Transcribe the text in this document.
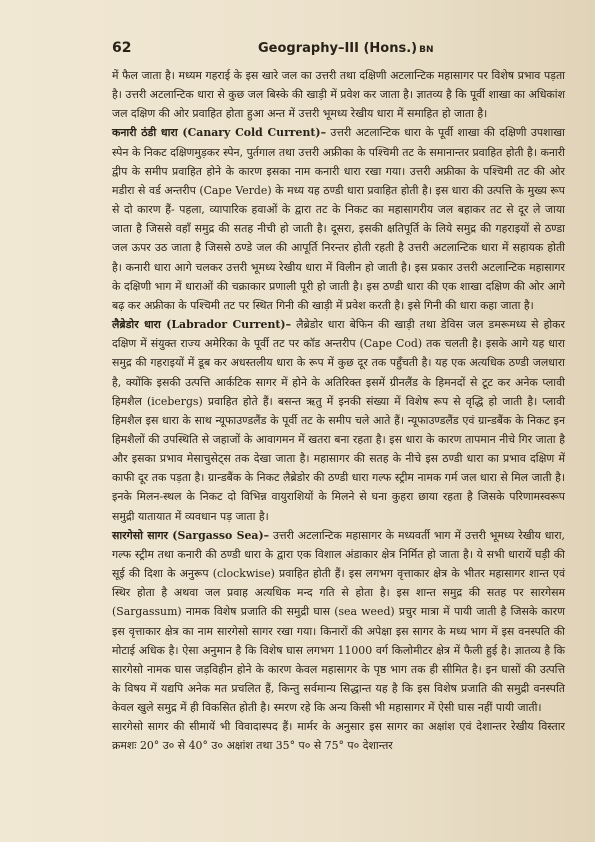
62	Geography–III (Hons.) BN

में फैल जाता है। मध्यम गहराई के इस खारे जल का उत्तरी तथा दक्षिणी अटलान्टिक महासागर पर विशेष प्रभाव पड़ता है। उत्तरी अटलान्टिक धारा से कुछ जल बिस्के की खाड़ी में प्रवेश कर जाता है। ज्ञातव्य है कि पूर्वी शाखा का अधिकांश जल दक्षिण की ओर प्रवाहित होता हुआ अन्त में उत्तरी भूमध्य रेखीय धारा में समाहित हो जाता है।

कनारी ठंडी धारा (Canary Cold Current)– उत्तरी अटलान्टिक धारा के पूर्वी शाखा की दक्षिणी उपशाखा स्पेन के निकट दक्षिणमुड़कर स्पेन, पुर्तगाल तथा उत्तरी अफ्रीका के पश्चिमी तट के समानान्तर प्रवाहित होती है। कनारी द्वीप के समीप प्रवाहित होने के कारण इसका नाम कनारी धारा रखा गया। उत्तरी अफ्रीका के पश्चिमी तट की ओर मडीरा से वर्ड अन्तरीप (Cape Verde) के मध्य यह ठण्डी धारा प्रवाहित होती है। इस धारा की उत्पत्ति के मुख्य रूप से दो कारण हैं- पहला, व्यापारिक हवाओं के द्वारा तट के निकट का महासागरीय जल बहाकर तट से दूर ले जाया जाता है जिससे वहाँ समुद्र की सतह नीची हो जाती है। दूसरा, इसकी क्षतिपूर्ति के लिये समुद्र की गहराइयों से ठण्डा जल ऊपर उठ जाता है जिससे ठण्डे जल की आपूर्ति निरन्तर होती रहती है उत्तरी अटलान्टिक धारा में सहायक होती है। कनारी धारा आगे चलकर उत्तरी भूमध्य रेखीय धारा में विलीन हो जाती है। इस प्रकार उत्तरी अटलान्टिक महासागर के दक्षिणी भाग में धाराओं की चक्राकार प्रणाली पूरी हो जाती है। इस ठण्डी धारा की एक शाखा दक्षिण की ओर आगे बढ़ कर अफ्रीका के पश्चिमी तट पर स्थित गिनी की खाड़ी में प्रवेश करती है। इसे गिनी की धारा कहा जाता है।

लैब्रेडोर धारा (Labrador Current)– लैब्रेडोर धारा बेफिन की खाड़ी तथा डेविस जल डमरूमध्य से होकर दक्षिण में संयुक्त राज्य अमेरिका के पूर्वी तट पर कॉड अन्तरीप (Cape Cod) तक चलती है। इसके आगे यह धारा समुद्र की गहराइयों में डूब कर अधस्तलीय धारा के रूप में कुछ दूर तक पहुँचती है। यह एक अत्यधिक ठण्डी जलधारा है, क्योंकि इसकी उत्पत्ति आर्कटिक सागर में होने के अतिरिक्त इसमें ग्रीनलैंड के हिमनदों से टूट कर अनेक प्लावी हिमशैल (icebergs) प्रवाहित होते हैं। बसन्त ऋतु में इनकी संख्या में विशेष रूप से वृद्धि हो जाती है। प्लावी हिमशैल इस धारा के साथ न्यूफाउण्डलैंड के पूर्वी तट के समीप चले आते हैं। न्यूफाउण्डलैंड एवं ग्रान्डबैंक के निकट इन हिमशैलों की उपस्थिति से जहाजों के आवागमन में खतरा बना रहता है। इस धारा के कारण तापमान नीचे गिर जाता है और इसका प्रभाव मेसाचुसेट्स तक देखा जाता है। महासागर की सतह के नीचे इस ठण्डी धारा का प्रभाव दक्षिण में काफी दूर तक पड़ता है। ग्रान्डबैंक के निकट लैब्रेडोर की ठण्डी धारा गल्फ स्ट्रीम नामक गर्म जल धारा से मिल जाती है। इनके मिलन-स्थल के निकट दो विभिन्न वायुराशियों के मिलने से घना कुहरा छाया रहता है जिसके परिणामस्वरूप समुद्री यातायात में व्यवधान पड़ जाता है।

सारगेसो सागर (Sargasso Sea)– उत्तरी अटलान्टिक महासागर के मध्यवर्ती भाग में उत्तरी भूमध्य रेखीय धारा, गल्फ स्ट्रीम तथा कनारी की ठण्डी धारा के द्वारा एक विशाल अंडाकार क्षेत्र निर्मित हो जाता है। ये सभी धारायें घड़ी की सूई की दिशा के अनुरूप (clockwise) प्रवाहित होती हैं। इस लगभग वृत्ताकार क्षेत्र के भीतर महासागर शान्त एवं स्थिर होता है अथवा जल प्रवाह अत्यधिक मन्द गति से होता है। इस शान्त समुद्र की सतह पर सारगेसम (Sargassum) नामक विशेष प्रजाति की समुद्री घास (sea weed) प्रचुर मात्रा में पायी जाती है जिसके कारण इस वृत्ताकार क्षेत्र का नाम सारगेसो सागर रखा गया। किनारों की अपेक्षा इस सागर के मध्य भाग में इस वनस्पति की मोटाई अधिक है। ऐसा अनुमान है कि विशेष घास लगभग 11000 वर्ग किलोमीटर क्षेत्र में फैली हुई है। ज्ञातव्य है कि सारगेसो नामक घास जड़विहीन होने के कारण केवल महासागर के पृष्ठ भाग तक ही सीमित है। इन घासों की उत्पत्ति के विषय में यद्यपि अनेक मत प्रचलित हैं, किन्तु सर्वमान्य सिद्धान्त यह है कि इस विशेष प्रजाति की समुद्री वनस्पति केवल खुले समुद्र में ही विकसित होती है। स्मरण रहे कि अन्य किसी भी महासागर में ऐसी घास नहीं पायी जाती।

सारगेसो सागर की सीमायें भी विवादास्पद हैं। मार्मर के अनुसार इस सागर का अक्षांश एवं देशान्तर रेखीय विस्तार क्रमशः 20° उ० से 40° उ० अक्षांश तथा 35° प० से 75° प० देशान्तर
